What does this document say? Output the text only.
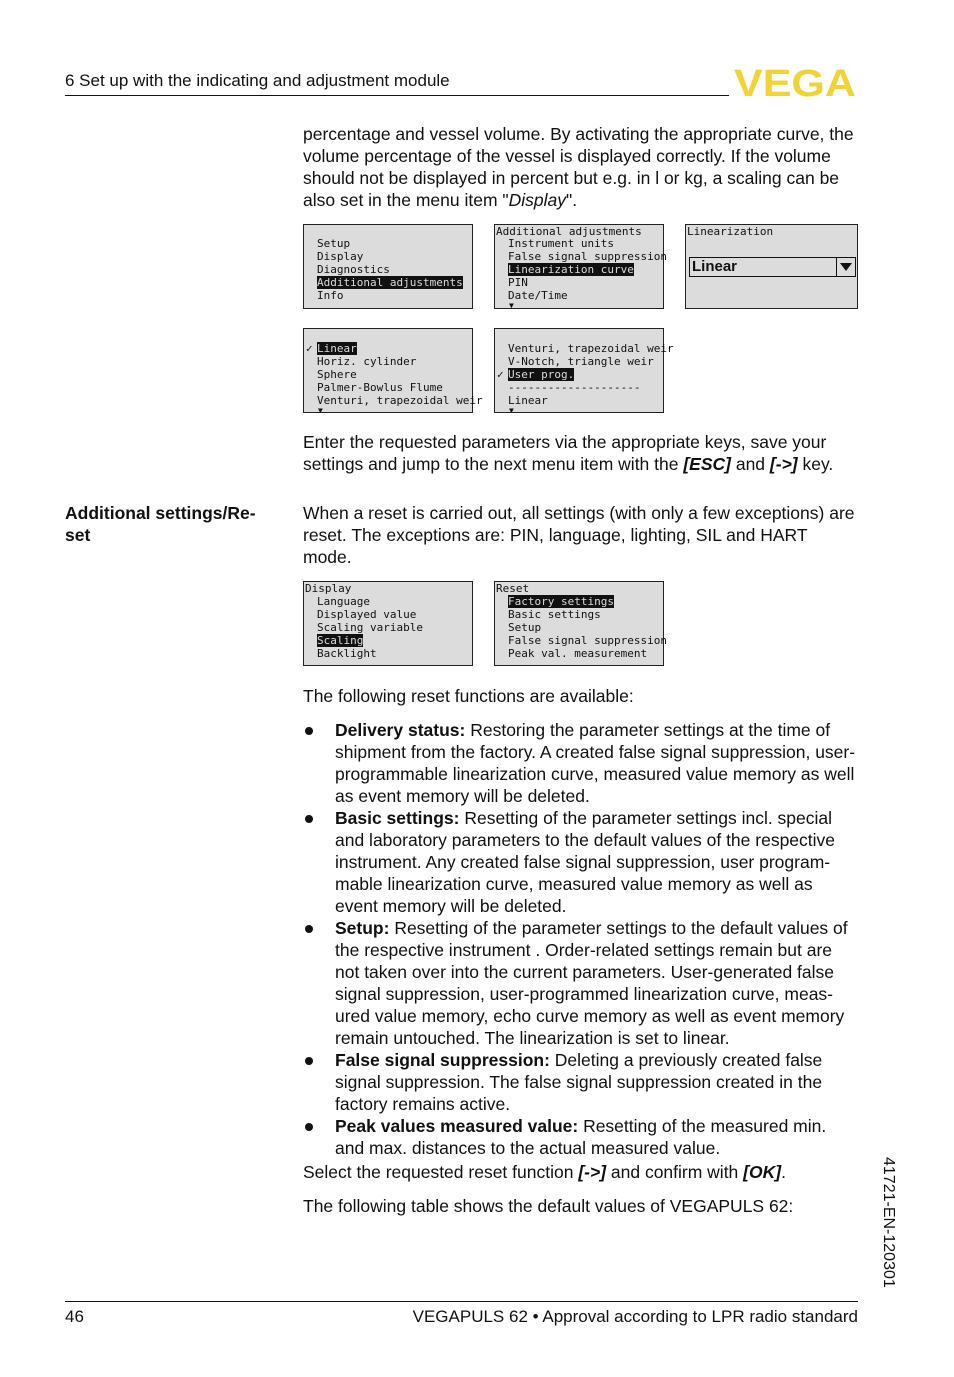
6 Set up with the indicating and adjustment module	VEGA

percentage and vessel volume. By activating the appropriate curve, the volume percentage of the vessel is displayed correctly. If the volume should not be displayed in percent but e.g. in l or kg, a scaling can be also set in the menu item "Display".

Setup
Display
Diagnostics
Additional adjustments
Info
Additional adjustments
Instrument units
False signal suppression
Linearization curve
PIN
Date/Time
▼
Linearization
Linear
✓ Linear
Horiz. cylinder
Sphere
Palmer-Bowlus Flume
Venturi, trapezoidal weir
▼
Venturi, trapezoidal weir
V-Notch, triangle weir
✓ User prog.
--------------------
Linear
▼

Enter the requested parameters via the appropriate keys, save your settings and jump to the next menu item with the [ESC] and [->] key.

Additional settings/Re-
set

When a reset is carried out, all settings (with only a few exceptions) are reset. The exceptions are: PIN, language, lighting, SIL and HART mode.

Display
Language
Displayed value
Scaling variable
Scaling
Backlight
Reset
Factory settings
Basic settings
Setup
False signal suppression
Peak val. measurement

The following reset functions are available:

Delivery status: Restoring the parameter settings at the time of shipment from the factory. A created false signal suppression, user-programmable linearization curve, measured value memory as well as event memory will be deleted.
Basic settings: Resetting of the parameter settings incl. special and laboratory parameters to the default values of the respective instrument. Any created false signal suppression, user program-mable linearization curve, measured value memory as well as event memory will be deleted.
Setup: Resetting of the parameter settings to the default values of the respective instrument . Order-related settings remain but are not taken over into the current parameters. User-generated false signal suppression, user-programmed linearization curve, meas-ured value memory, echo curve memory as well as event memory remain untouched. The linearization is set to linear.
False signal suppression: Deleting a previously created false signal suppression. The false signal suppression created in the factory remains active.
Peak values measured value: Resetting of the measured min. and max. distances to the actual measured value.

Select the requested reset function [->] and confirm with [OK].

The following table shows the default values of VEGAPULS 62:	41721-EN-120301
46	VEGAPULS 62 • Approval according to LPR radio standard
